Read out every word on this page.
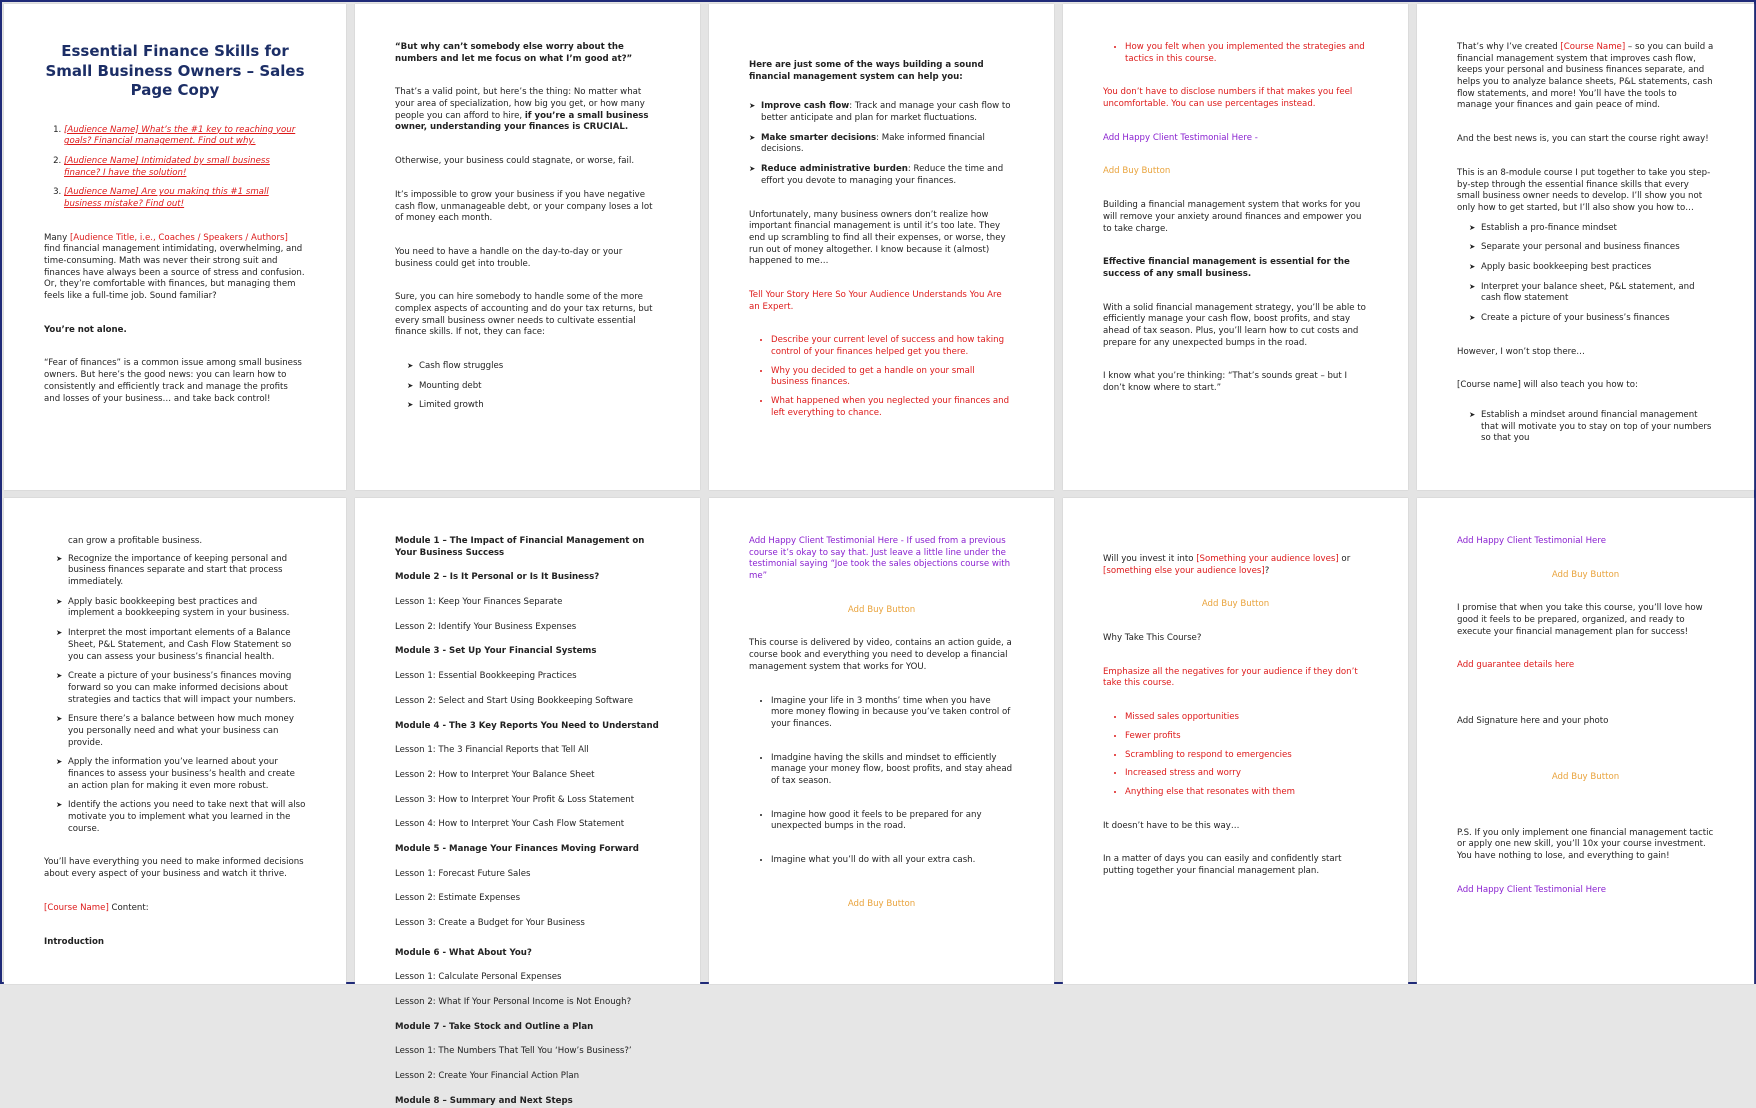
Essential Finance Skills for Small Business Owners – Sales Page Copy
1. [Audience Name] What’s the #1 key to reaching your goals? Financial management. Find out why.
2. [Audience Name] Intimidated by small business finance? I have the solution!
3. [Audience Name] Are you making this #1 small business mistake? Find out!

Many [Audience Title, i.e., Coaches / Speakers / Authors] find financial management intimidating, overwhelming, and time-consuming. Math was never their strong suit and finances have always been a source of stress and confusion. Or, they’re comfortable with finances, but managing them feels like a full-time job. Sound familiar?

You’re not alone.

“Fear of finances” is a common issue among small business owners. But here’s the good news: you can learn how to consistently and efficiently track and manage the profits and losses of your business… and take back control!

“But why can’t somebody else worry about the numbers and let me focus on what I’m good at?”

That’s a valid point, but here’s the thing: No matter what your area of specialization, how big you get, or how many people you can afford to hire, if you’re a small business owner, understanding your finances is CRUCIAL.

Otherwise, your business could stagnate, or worse, fail.

It’s impossible to grow your business if you have negative cash flow, unmanageable debt, or your company loses a lot of money each month.

You need to have a handle on the day-to-day or your business could get into trouble.

Sure, you can hire somebody to handle some of the more complex aspects of accounting and do your tax returns, but every small business owner needs to cultivate essential finance skills. If not, they can face:

➤ Cash flow struggles
➤ Mounting debt
➤ Limited growth

Here are just some of the ways building a sound financial management system can help you:

➤ Improve cash flow: Track and manage your cash flow to better anticipate and plan for market fluctuations.
➤ Make smarter decisions: Make informed financial decisions.
➤ Reduce administrative burden: Reduce the time and effort you devote to managing your finances.

Unfortunately, many business owners don’t realize how important financial management is until it’s too late. They end up scrambling to find all their expenses, or worse, they run out of money altogether. I know because it (almost) happened to me…

Tell Your Story Here So Your Audience Understands You Are an Expert.

• Describe your current level of success and how taking control of your finances helped get you there.
• Why you decided to get a handle on your small business finances.
• What happened when you neglected your finances and left everything to chance.
• How you felt when you implemented the strategies and tactics in this course.

You don’t have to disclose numbers if that makes you feel uncomfortable. You can use percentages instead.

Add Happy Client Testimonial Here -

Add Buy Button

Building a financial management system that works for you will remove your anxiety around finances and empower you to take charge.

Effective financial management is essential for the success of any small business.

With a solid financial management strategy, you’ll be able to efficiently manage your cash flow, boost profits, and stay ahead of tax season. Plus, you’ll learn how to cut costs and prepare for any unexpected bumps in the road.

I know what you’re thinking: “That’s sounds great – but I don’t know where to start.”

That’s why I’ve created [Course Name] – so you can build a financial management system that improves cash flow, keeps your personal and business finances separate, and helps you to analyze balance sheets, P&L statements, cash flow statements, and more! You’ll have the tools to manage your finances and gain peace of mind.

And the best news is, you can start the course right away!

This is an 8-module course I put together to take you step-by-step through the essential finance skills that every small business owner needs to develop. I’ll show you not only how to get started, but I’ll also show you how to…

➤ Establish a pro-finance mindset
➤ Separate your personal and business finances
➤ Apply basic bookkeeping best practices
➤ Interpret your balance sheet, P&L statement, and cash flow statement
➤ Create a picture of your business’s finances

However, I won’t stop there…

[Course name] will also teach you how to:

➤ Establish a mindset around financial management that will motivate you to stay on top of your numbers so that you

can grow a profitable business.

➤ Recognize the importance of keeping personal and business finances separate and start that process immediately.
➤ Apply basic bookkeeping best practices and implement a bookkeeping system in your business.
➤ Interpret the most important elements of a Balance Sheet, P&L Statement, and Cash Flow Statement so you can assess your business’s financial health.
➤ Create a picture of your business’s finances moving forward so you can make informed decisions about strategies and tactics that will impact your numbers.
➤ Ensure there’s a balance between how much money you personally need and what your business can provide.
➤ Apply the information you’ve learned about your finances to assess your business’s health and create an action plan for making it even more robust.
➤ Identify the actions you need to take next that will also motivate you to implement what you learned in the course.

You’ll have everything you need to make informed decisions about every aspect of your business and watch it thrive.

[Course Name] Content:

Introduction

Module 1 – The Impact of Financial Management on Your Business Success

Module 2 – Is It Personal or Is It Business?

Lesson 1: Keep Your Finances Separate

Lesson 2: Identify Your Business Expenses

Module 3 - Set Up Your Financial Systems

Lesson 1: Essential Bookkeeping Practices

Lesson 2: Select and Start Using Bookkeeping Software

Module 4 - The 3 Key Reports You Need to Understand

Lesson 1: The 3 Financial Reports that Tell All

Lesson 2: How to Interpret Your Balance Sheet

Lesson 3: How to Interpret Your Profit & Loss Statement

Lesson 4: How to Interpret Your Cash Flow Statement

Module 5 - Manage Your Finances Moving Forward

Lesson 1: Forecast Future Sales

Lesson 2: Estimate Expenses

Lesson 3: Create a Budget for Your Business

Module 6 - What About You?

Lesson 1: Calculate Personal Expenses

Lesson 2: What If Your Personal Income is Not Enough?

Module 7 - Take Stock and Outline a Plan

Lesson 1: The Numbers That Tell You ‘How’s Business?’

Lesson 2: Create Your Financial Action Plan

Module 8 – Summary and Next Steps

Add Happy Client Testimonial Here - If used from a previous course it’s okay to say that. Just leave a little line under the testimonial saying “Joe took the sales objections course with me”

Add Buy Button

This course is delivered by video, contains an action guide, a course book and everything you need to develop a financial management system that works for YOU.

• Imagine your life in 3 months’ time when you have more money flowing in because you’ve taken control of your finances.
• Imadgine having the skills and mindset to efficiently manage your money flow, boost profits, and stay ahead of tax season.
• Imagine how good it feels to be prepared for any unexpected bumps in the road.
• Imagine what you’ll do with all your extra cash.

Add Buy Button

Will you invest it into [Something your audience loves] or [something else your audience loves]?

Add Buy Button

Why Take This Course?

Emphasize all the negatives for your audience if they don’t take this course.

• Missed sales opportunities
• Fewer profits
• Scrambling to respond to emergencies
• Increased stress and worry
• Anything else that resonates with them

It doesn’t have to be this way…

In a matter of days you can easily and confidently start putting together your financial management plan.

Add Happy Client Testimonial Here

Add Buy Button

I promise that when you take this course, you’ll love how good it feels to be prepared, organized, and ready to execute your financial management plan for success!

Add guarantee details here

Add Signature here and your photo

Add Buy Button

P.S. If you only implement one financial management tactic or apply one new skill, you’ll 10x your course investment. You have nothing to lose, and everything to gain!

Add Happy Client Testimonial Here
